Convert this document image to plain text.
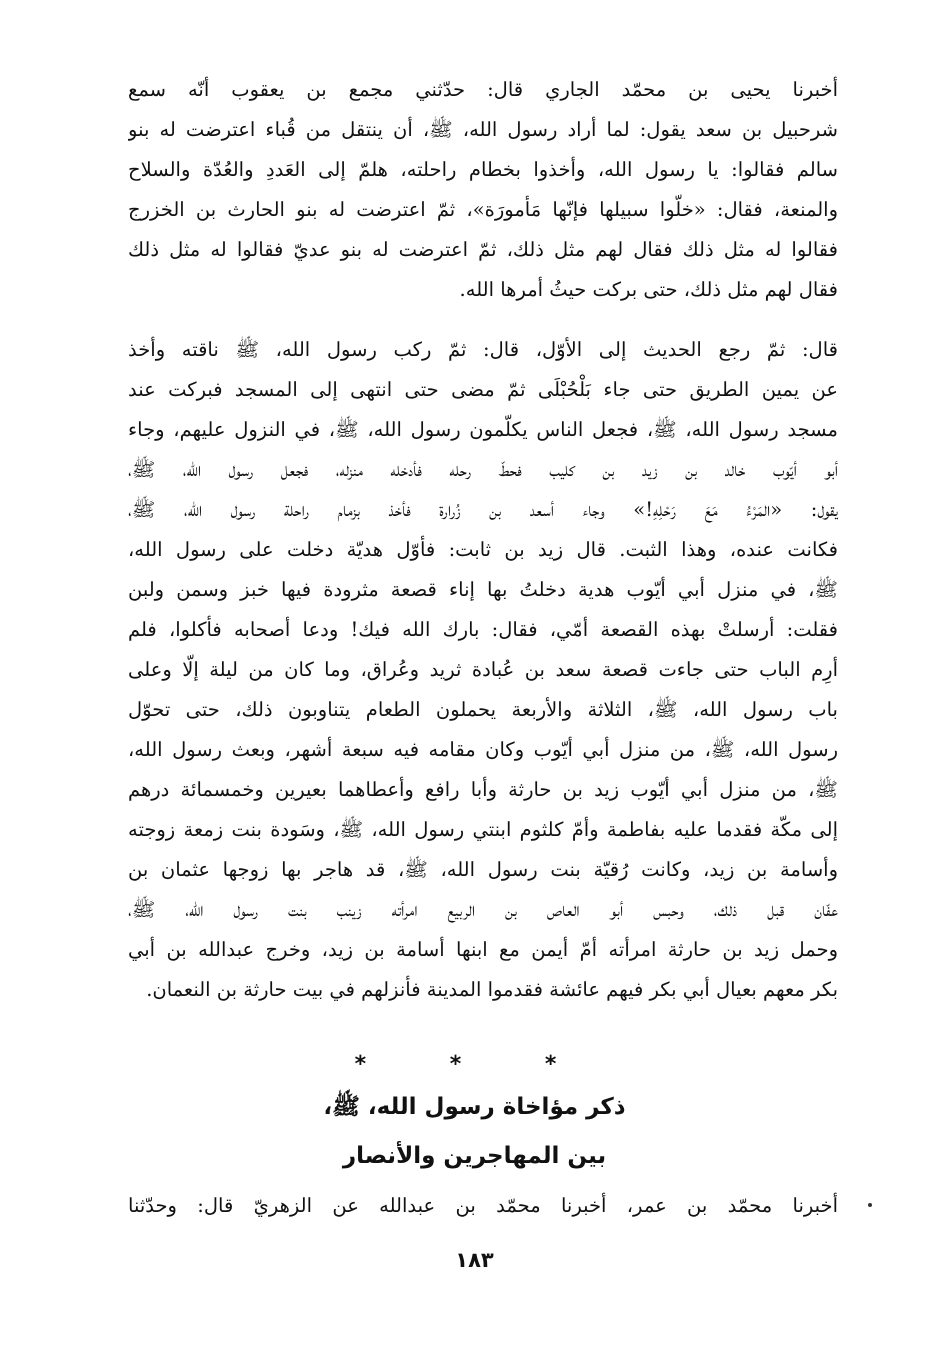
أخبرنا يحيى بن محمّد الجاري قال: حدّثني مجمع بن يعقوب أنّه سمع
شرحبيل بن سعد يقول: لما أراد رسول الله، ﷺ، أن ينتقل من قُباء اعترضت له بنو
سالم فقالوا: يا رسول الله، وأخذوا بخطام راحلته، هلمّ إلى العَددِ والعُدّة والسلاح
والمنعة، فقال: «خلّوا سبيلها فإنّها مَأمورَة»، ثمّ اعترضت له بنو الحارث بن الخزرج
فقالوا له مثل ذلك فقال لهم مثل ذلك، ثمّ اعترضت له بنو عديّ فقالوا له مثل ذلك
فقال لهم مثل ذلك، حتى بركت حيثُ أمرها الله.
قال: ثمّ رجع الحديث إلى الأوّل، قال: ثمّ ركب رسول الله، ﷺ ناقته وأخذ
عن يمين الطريق حتى جاء بَلْحُبْلَى ثمّ مضى حتى انتهى إلى المسجد فبركت عند
مسجد رسول الله، ﷺ، فجعل الناس يكلّمون رسول الله، ﷺ، في النزول عليهم، وجاء
أبو أيّوب خالد بن زيد بن كليب فحطّ رحله فأدخله منزله، فجعل رسول الله، ﷺ،
يقول: «المَرْءُ مَعَ رَحْلِهِ!» وجاء أسعد بن زُرارة فأخذ بزمام راحلة رسول الله، ﷺ،
فكانت عنده، وهذا الثبت. قال زيد بن ثابت: فأوّل هديّة دخلت على رسول الله،
ﷺ، في منزل أبي أيّوب هدية دخلتُ بها إناء قصعة مثرودة فيها خبز وسمن ولبن
فقلت: أرسلتْ بهذه القصعة أمّي، فقال: بارك الله فيك! ودعا أصحابه فأكلوا، فلم
أرِم الباب حتى جاءت قصعة سعد بن عُبادة ثريد وعُراق، وما كان من ليلة إلّا وعلى
باب رسول الله، ﷺ، الثلاثة والأربعة يحملون الطعام يتناوبون ذلك، حتى تحوّل
رسول الله، ﷺ، من منزل أبي أيّوب وكان مقامه فيه سبعة أشهر، وبعث رسول الله،
ﷺ، من منزل أبي أيّوب زيد بن حارثة وأبا رافع وأعطاهما بعيرين وخمسمائة درهم
إلى مكّة فقدما عليه بفاطمة وأمّ كلثوم ابنتي رسول الله، ﷺ، وسَودة بنت زمعة زوجته
وأسامة بن زيد، وكانت رُقيّة بنت رسول الله، ﷺ، قد هاجر بها زوجها عثمان بن
عفّان قبل ذلك، وحبس أبو العاص بن الربيع امرأته زينب بنت رسول الله، ﷺ،
وحمل زيد بن حارثة امرأته أمّ أيمن مع ابنها أسامة بن زيد، وخرج عبدالله بن أبي
بكر معهم بعيال أبي بكر فيهم عائشة فقدموا المدينة فأنزلهم في بيت حارثة بن النعمان.
* * *
ذكر مؤاخاة رسول الله، ﷺ،
بين المهاجرين والأنصار
أخبرنا محمّد بن عمر، أخبرنا محمّد بن عبدالله عن الزهريّ قال: وحدّثنا
١٨٣
